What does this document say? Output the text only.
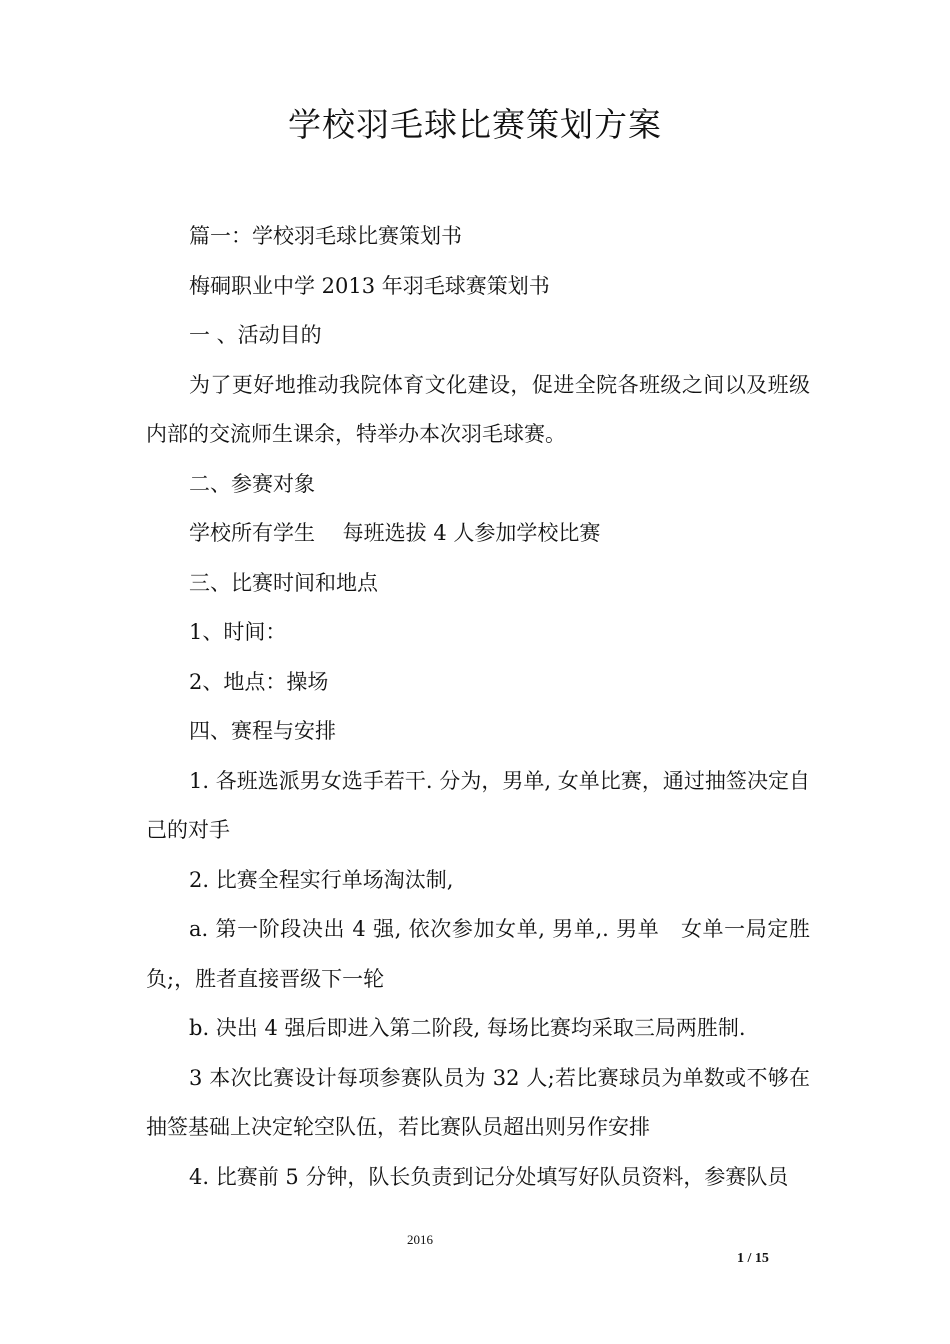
学校羽毛球比赛策划方案

篇一：学校羽毛球比赛策划书

梅硐职业中学 2013 年羽毛球赛策划书

一 、活动目的

为了更好地推动我院体育文化建设，促进全院各班级之间以及班级内部的交流师生课余，特举办本次羽毛球赛。

二、参赛对象

学校所有学生　 每班选拔 4 人参加学校比赛

三、比赛时间和地点

1、时间：

2、地点：操场

四、赛程与安排

1. 各班选派男女选手若干. 分为，男单, 女单比赛，通过抽签决定自己的对手

2. 比赛全程实行单场淘汰制,

a. 第一阶段决出 4 强, 依次参加女单, 男单,. 男单　女单一局定胜负;，胜者直接晋级下一轮

b. 决出 4 强后即进入第二阶段, 每场比赛均采取三局两胜制.

3 本次比赛设计每项参赛队员为 32 人;若比赛球员为单数或不够在抽签基础上决定轮空队伍，若比赛队员超出则另作安排

4. 比赛前 5 分钟，队长负责到记分处填写好队员资料，参赛队员

2016
1 / 15
